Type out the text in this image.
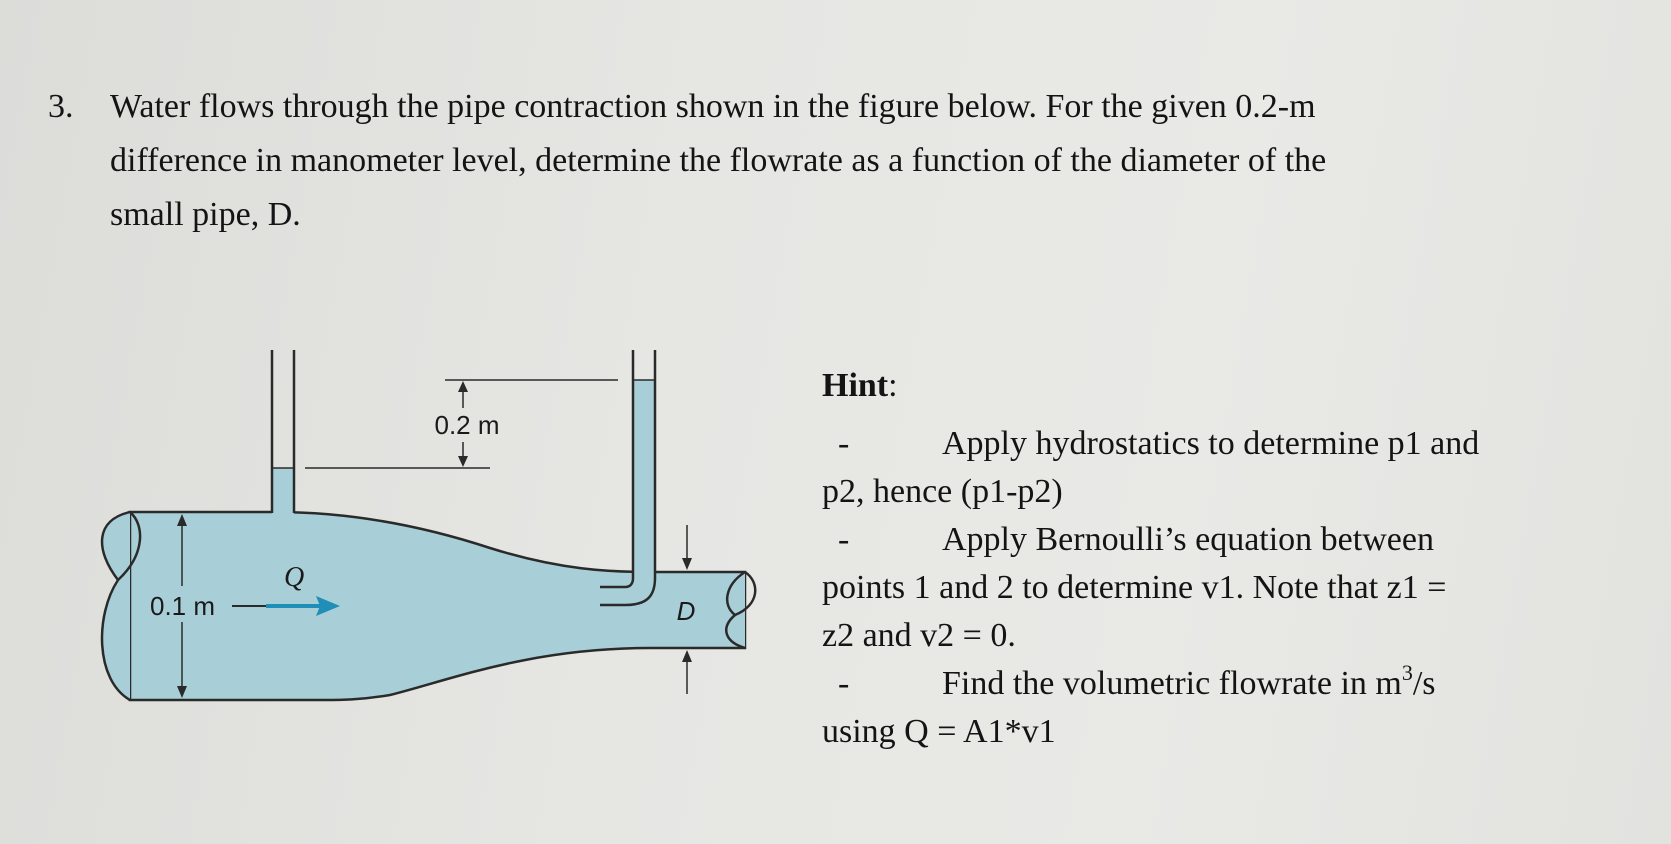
3. Water flows through the pipe contraction shown in the figure below. For the given 0.2-m
difference in manometer level, determine the flowrate as a function of the diameter of the
small pipe, D.
0.2 m
0.1 m
Q
D
Hint:
-	Apply hydrostatics to determine p1 and
p2, hence (p1-p2)
-	Apply Bernoulli’s equation between
points 1 and 2 to determine v1. Note that z1 =
z2 and v2 = 0.
-	Find the volumetric flowrate in $m^3/s$
using Q = A1*v1
